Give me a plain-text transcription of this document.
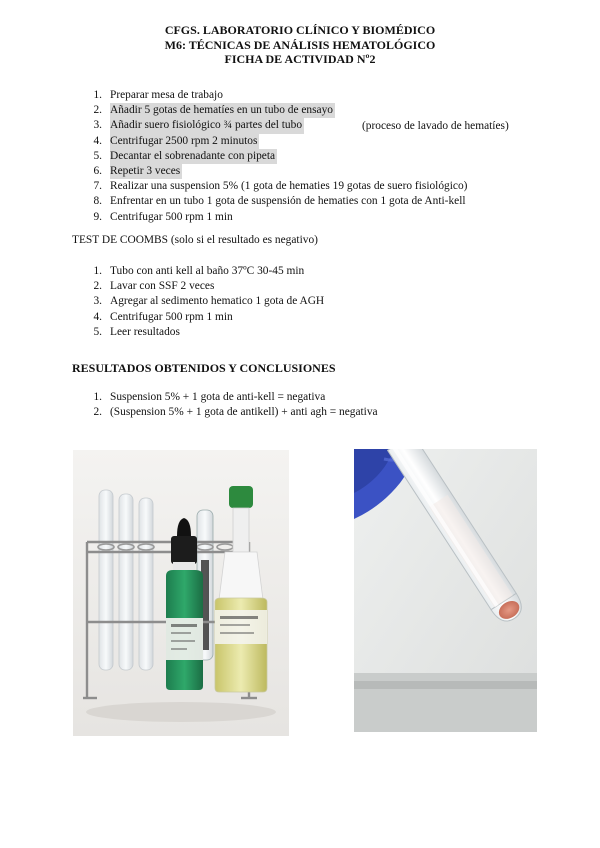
CFGS. LABORATORIO CLÍNICO Y BIOMÉDICO
M6: TÉCNICAS DE ANÁLISIS HEMATOLÓGICO
FICHA DE ACTIVIDAD Nº2
1. Preparar mesa de trabajo
2. Añadir 5 gotas de hematíes en un tubo de ensayo
3. Añadir suero fisiológico ¾ partes del tubo
4. Centrifugar 2500 rpm 2 minutos
5. Decantar el sobrenadante con pipeta
6. Repetir 3 veces
7. Realizar una suspension 5% (1 gota de hematies 19 gotas de suero fisiológico)
8. Enfrentar en un tubo 1 gota de suspensión de hematies con 1 gota de Anti-kell
9. Centrifugar 500 rpm 1 min
(proceso de lavado de hematíes)
TEST DE COOMBS (solo si el resultado es negativo)
1. Tubo con anti kell al baño 37ºC 30-45 min
2. Lavar con SSF 2 veces
3. Agregar al sedimento hematico 1 gota de AGH
4. Centrifugar 500 rpm 1 min
5. Leer resultados
RESULTADOS OBTENIDOS Y CONCLUSIONES
1. Suspension 5% + 1 gota de anti-kell = negativa
2. (Suspension 5% + 1 gota de antikell) + anti agh = negativa
